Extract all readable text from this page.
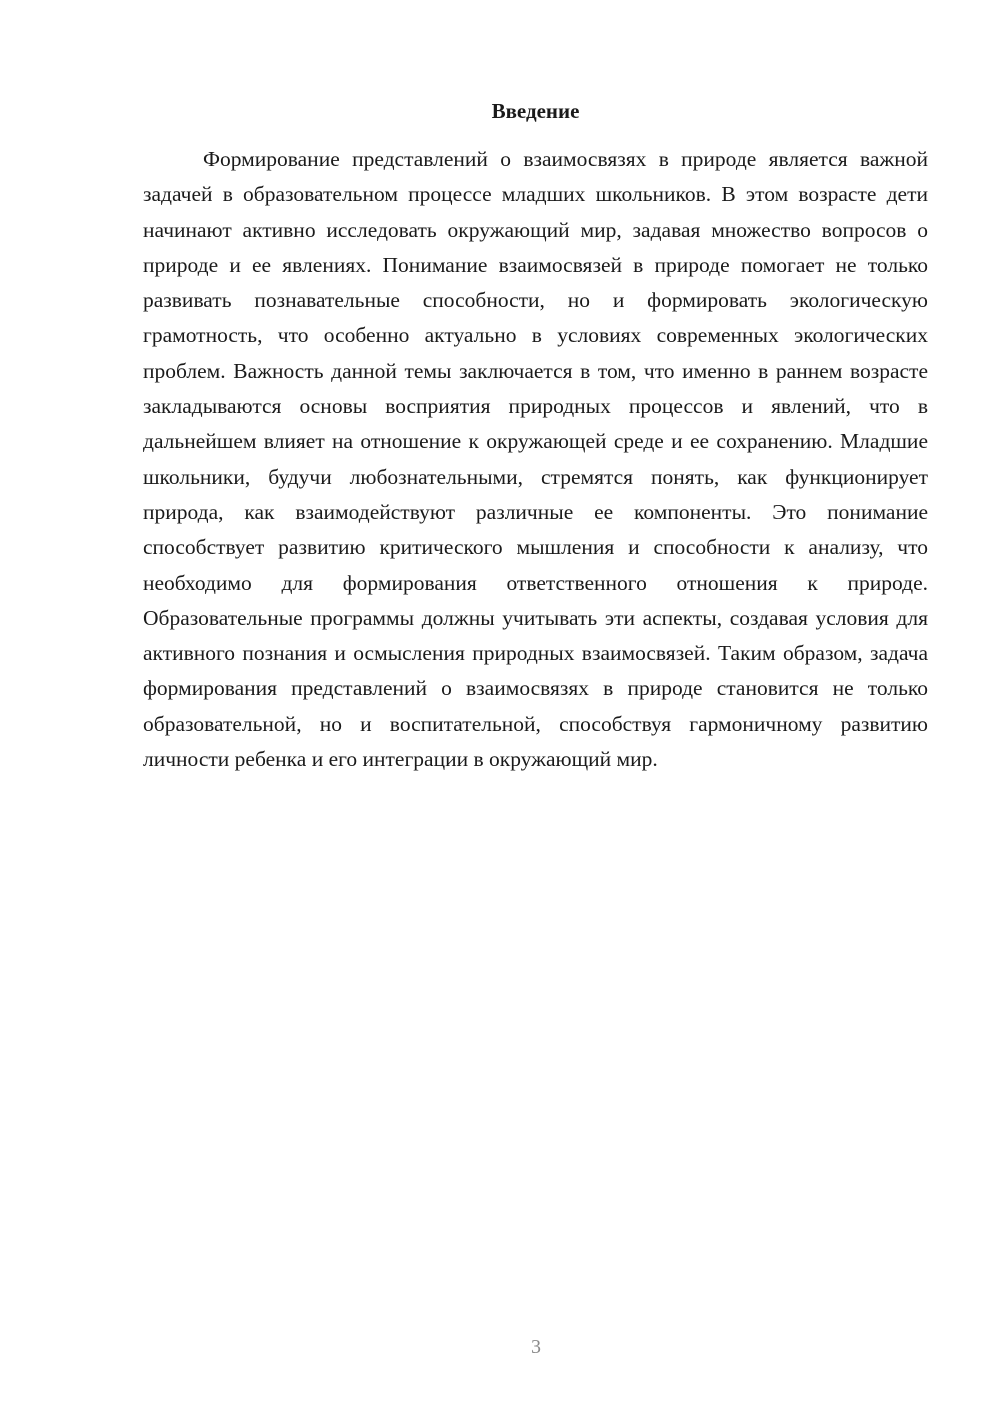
Введение

Формирование представлений о взаимосвязях в природе является важной задачей в образовательном процессе младших школьников. В этом возрасте дети начинают активно исследовать окружающий мир, задавая множество вопросов о природе и ее явлениях. Понимание взаимосвязей в природе помогает не только развивать познавательные способности, но и формировать экологическую грамотность, что особенно актуально в условиях современных экологических проблем. Важность данной темы заключается в том, что именно в раннем возрасте закладываются основы восприятия природных процессов и явлений, что в дальнейшем влияет на отношение к окружающей среде и ее сохранению. Младшие школьники, будучи любознательными, стремятся понять, как функционирует природа, как взаимодействуют различные ее компоненты. Это понимание способствует развитию критического мышления и способности к анализу, что необходимо для формирования ответственного отношения к природе. Образовательные программы должны учитывать эти аспекты, создавая условия для активного познания и осмысления природных взаимосвязей. Таким образом, задача формирования представлений о взаимосвязях в природе становится не только образовательной, но и воспитательной, способствуя гармоничному развитию личности ребенка и его интеграции в окружающий мир.

3
